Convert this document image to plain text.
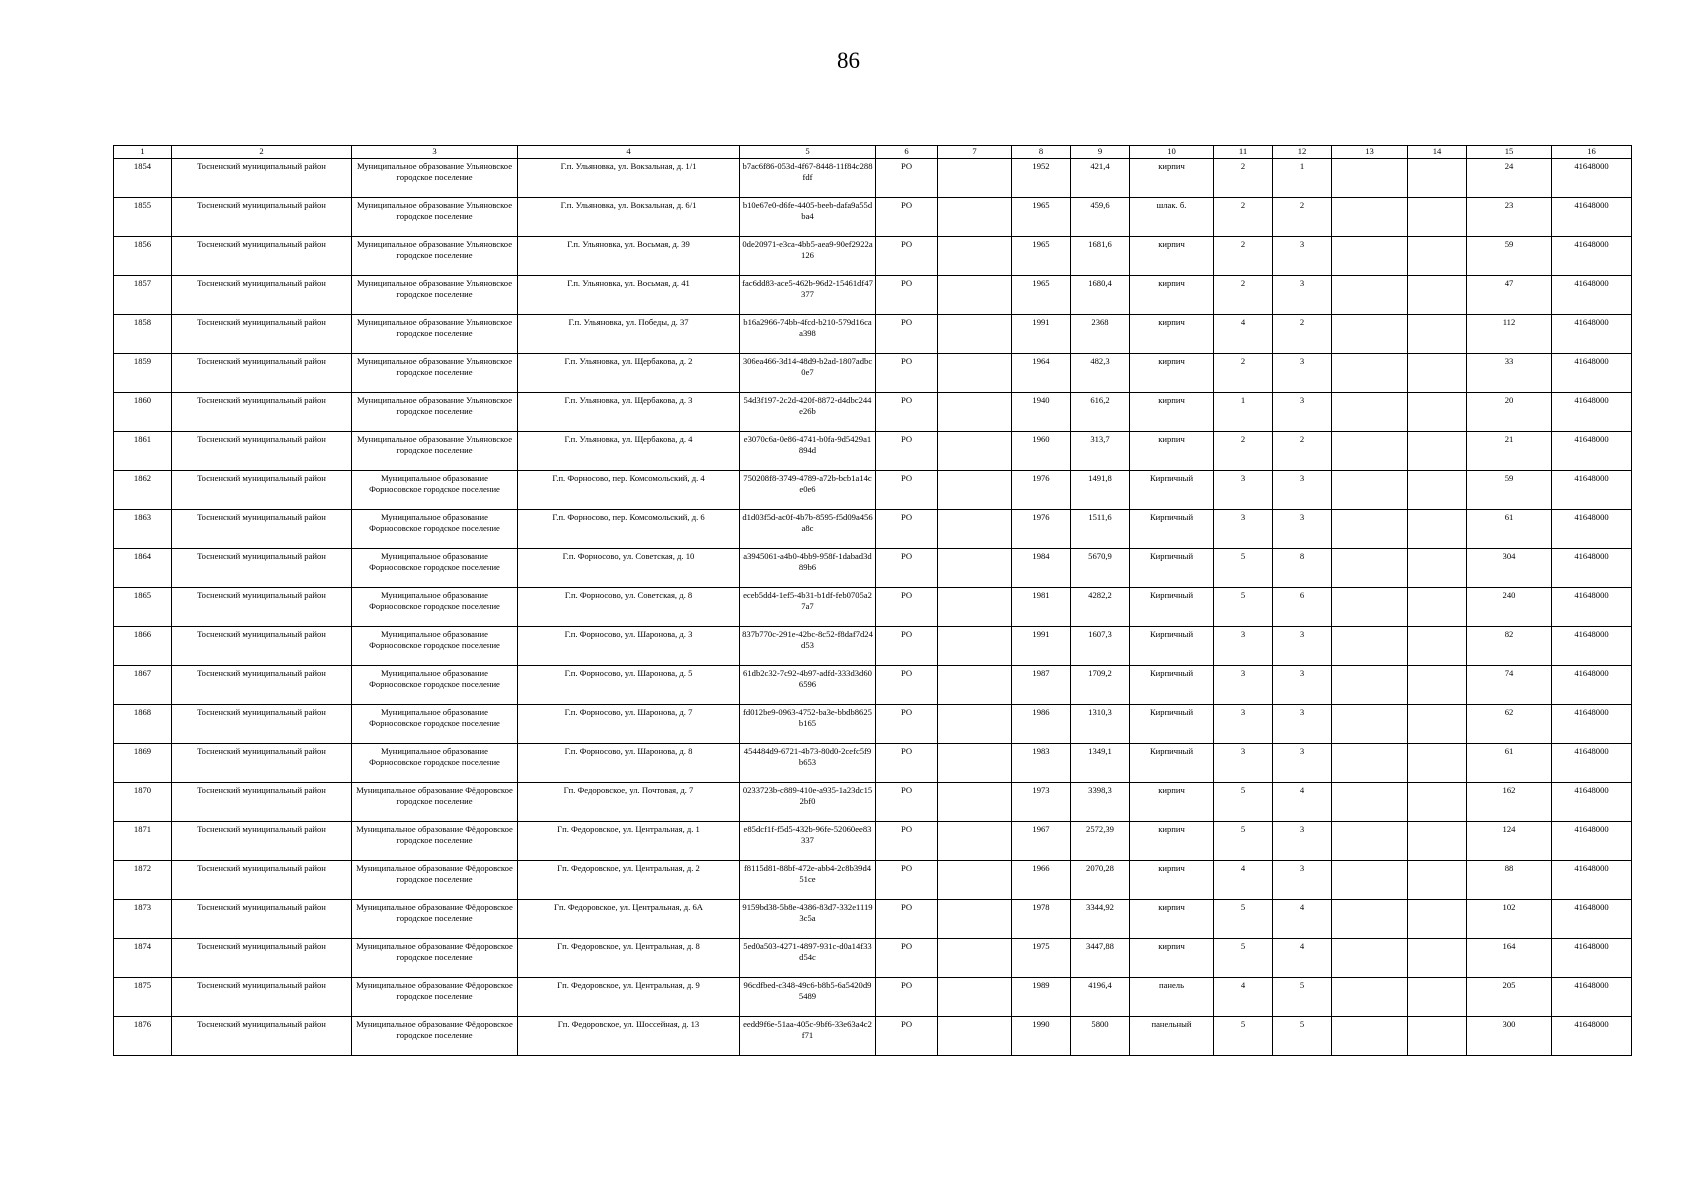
86
1	2	3	4	5	6	7	8	9	10	11	12	13	14	15	16
1854	Тосненский муниципальный район	Муниципальное образование Ульяновское городское поселение	Г.п. Ульяновка, ул. Вокзальная, д. 1/1	b7ac6f86-053d-4f67-8448-11f84c288fdf	РО		1952	421,4	кирпич	2	1			24	41648000
1855	Тосненский муниципальный район	Муниципальное образование Ульяновское городское поселение	Г.п. Ульяновка, ул. Вокзальная, д. 6/1	b10e67e0-d6fe-4405-beeb-dafa9a55dba4	РО		1965	459,6	шлак. б.	2	2			23	41648000
1856	Тосненский муниципальный район	Муниципальное образование Ульяновское городское поселение	Г.п. Ульяновка, ул. Восьмая, д. 39	0de20971-e3ca-4bb5-aea9-90ef2922a126	РО		1965	1681,6	кирпич	2	3			59	41648000
1857	Тосненский муниципальный район	Муниципальное образование Ульяновское городское поселение	Г.п. Ульяновка, ул. Восьмая, д. 41	fac6dd83-ace5-462b-96d2-15461df47377	РО		1965	1680,4	кирпич	2	3			47	41648000
1858	Тосненский муниципальный район	Муниципальное образование Ульяновское городское поселение	Г.п. Ульяновка, ул. Победы, д. 37	b16a2966-74bb-4fcd-b210-579d16caa398	РО		1991	2368	кирпич	4	2			112	41648000
1859	Тосненский муниципальный район	Муниципальное образование Ульяновское городское поселение	Г.п. Ульяновка, ул. Щербакова, д. 2	306ea466-3d14-48d9-b2ad-1807adbc0e7	РО		1964	482,3	кирпич	2	3			33	41648000
1860	Тосненский муниципальный район	Муниципальное образование Ульяновское городское поселение	Г.п. Ульяновка, ул. Щербакова, д. 3	54d3f197-2c2d-420f-8872-d4dbc244e26b	РО		1940	616,2	кирпич	1	3			20	41648000
1861	Тосненский муниципальный район	Муниципальное образование Ульяновское городское поселение	Г.п. Ульяновка, ул. Щербакова, д. 4	e3070c6a-0e86-4741-b0fa-9d5429a1894d	РО		1960	313,7	кирпич	2	2			21	41648000
1862	Тосненский муниципальный район	Муниципальное образование Форносовское городское поселение	Г.п. Форносово, пер. Комсомольский, д. 4	750208f8-3749-4789-a72b-bcb1a14ce0e6	РО		1976	1491,8	Кирпичный	3	3			59	41648000
1863	Тосненский муниципальный район	Муниципальное образование Форносовское городское поселение	Г.п. Форносово, пер. Комсомольский, д. 6	d1d03f5d-ac0f-4b7b-8595-f5d09a456a8c	РО		1976	1511,6	Кирпичный	3	3			61	41648000
1864	Тосненский муниципальный район	Муниципальное образование Форносовское городское поселение	Г.п. Форносово, ул. Советская, д. 10	a3945061-a4b0-4bb9-958f-1dabad3d89b6	РО		1984	5670,9	Кирпичный	5	8			304	41648000
1865	Тосненский муниципальный район	Муниципальное образование Форносовское городское поселение	Г.п. Форносово, ул. Советская, д. 8	eceb5dd4-1ef5-4b31-b1df-feb0705a27a7	РО		1981	4282,2	Кирпичный	5	6			240	41648000
1866	Тосненский муниципальный район	Муниципальное образование Форносовское городское поселение	Г.п. Форносово, ул. Шаронова, д. 3	837b770c-291e-42bc-8c52-f8daf7d24d53	РО		1991	1607,3	Кирпичный	3	3			82	41648000
1867	Тосненский муниципальный район	Муниципальное образование Форносовское городское поселение	Г.п. Форносово, ул. Шаронова, д. 5	61db2c32-7c92-4b97-adfd-333d3d606596	РО		1987	1709,2	Кирпичный	3	3			74	41648000
1868	Тосненский муниципальный район	Муниципальное образование Форносовское городское поселение	Г.п. Форносово, ул. Шаронова, д. 7	fd012be9-0963-4752-ba3e-bbdb8625b165	РО		1986	1310,3	Кирпичный	3	3			62	41648000
1869	Тосненский муниципальный район	Муниципальное образование Форносовское городское поселение	Г.п. Форносово, ул. Шаронова, д. 8	454484d9-6721-4b73-80d0-2cefc5f9b653	РО		1983	1349,1	Кирпичный	3	3			61	41648000
1870	Тосненский муниципальный район	Муниципальное образование Фёдоровское городское поселение	Гп. Федоровское, ул. Почтовая, д. 7	0233723b-c889-410e-a935-1a23dc152bf0	РО		1973	3398,3	кирпич	5	4			162	41648000
1871	Тосненский муниципальный район	Муниципальное образование Фёдоровское городское поселение	Гп. Федоровское, ул. Центральная, д. 1	e85dcf1f-f5d5-432b-96fe-52060ee83337	РО		1967	2572,39	кирпич	5	3			124	41648000
1872	Тосненский муниципальный район	Муниципальное образование Фёдоровское городское поселение	Гп. Федоровское, ул. Центральная, д. 2	f8115d81-88bf-472e-abb4-2c8b39d451ce	РО		1966	2070,28	кирпич	4	3			88	41648000
1873	Тосненский муниципальный район	Муниципальное образование Фёдоровское городское поселение	Гп. Федоровское, ул. Центральная, д. 6А	9159bd38-5b8e-4386-83d7-332e11193c5a	РО		1978	3344,92	кирпич	5	4			102	41648000
1874	Тосненский муниципальный район	Муниципальное образование Фёдоровское городское поселение	Гп. Федоровское, ул. Центральная, д. 8	5ed0a503-4271-4897-931c-d0a14f33d54c	РО		1975	3447,88	кирпич	5	4			164	41648000
1875	Тосненский муниципальный район	Муниципальное образование Фёдоровское городское поселение	Гп. Федоровское, ул. Центральная, д. 9	96cdfbed-c348-49c6-b8b5-6a5420d95489	РО		1989	4196,4	панель	4	5			205	41648000
1876	Тосненский муниципальный район	Муниципальное образование Фёдоровское городское поселение	Гп. Федоровское, ул. Шоссейная, д. 13	eedd9f6e-51aa-405c-9bf6-33e63a4c2f71	РО		1990	5800	панельный	5	5			300	41648000
